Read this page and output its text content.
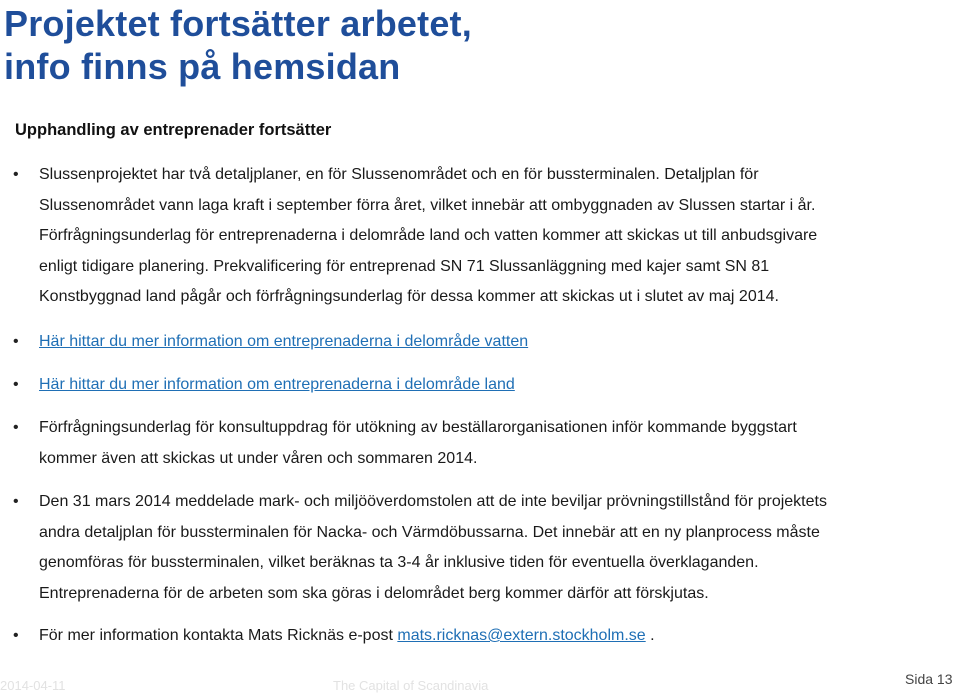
Projektet fortsätter arbetet,
info finns på hemsidan
Upphandling av entreprenader fortsätter
• Slussenprojektet har två detaljplaner, en för Slussenområdet och en för bussterminalen. Detaljplan för
Slussenområdet vann laga kraft i september förra året, vilket innebär att ombyggnaden av Slussen startar i år.
Förfrågningsunderlag för entreprenaderna i delområde land och vatten kommer att skickas ut till anbudsgivare
enligt tidigare planering. Prekvalificering för entreprenad SN 71 Slussanläggning med kajer samt SN 81
Konstbyggnad land pågår och förfrågningsunderlag för dessa kommer att skickas ut i slutet av maj 2014.
• Här hittar du mer information om entreprenaderna i delområde vatten
• Här hittar du mer information om entreprenaderna i delområde land
• Förfrågningsunderlag för konsultuppdrag för utökning av beställarorganisationen inför kommande byggstart
kommer även att skickas ut under våren och sommaren 2014.
• Den 31 mars 2014 meddelade mark- och miljööverdomstolen att de inte beviljar prövningstillstånd för projektets
andra detaljplan för bussterminalen för Nacka- och Värmdöbussarna. Det innebär att en ny planprocess måste
genomföras för bussterminalen, vilket beräknas ta 3-4 år inklusive tiden för eventuella överklaganden.
Entreprenaderna för de arbeten som ska göras i delområdet berg kommer därför att förskjutas.
• För mer information kontakta Mats Ricknäs e-post mats.ricknas@extern.stockholm.se .
2014-04-11	The Capital of Scandinavia	Sida 13
